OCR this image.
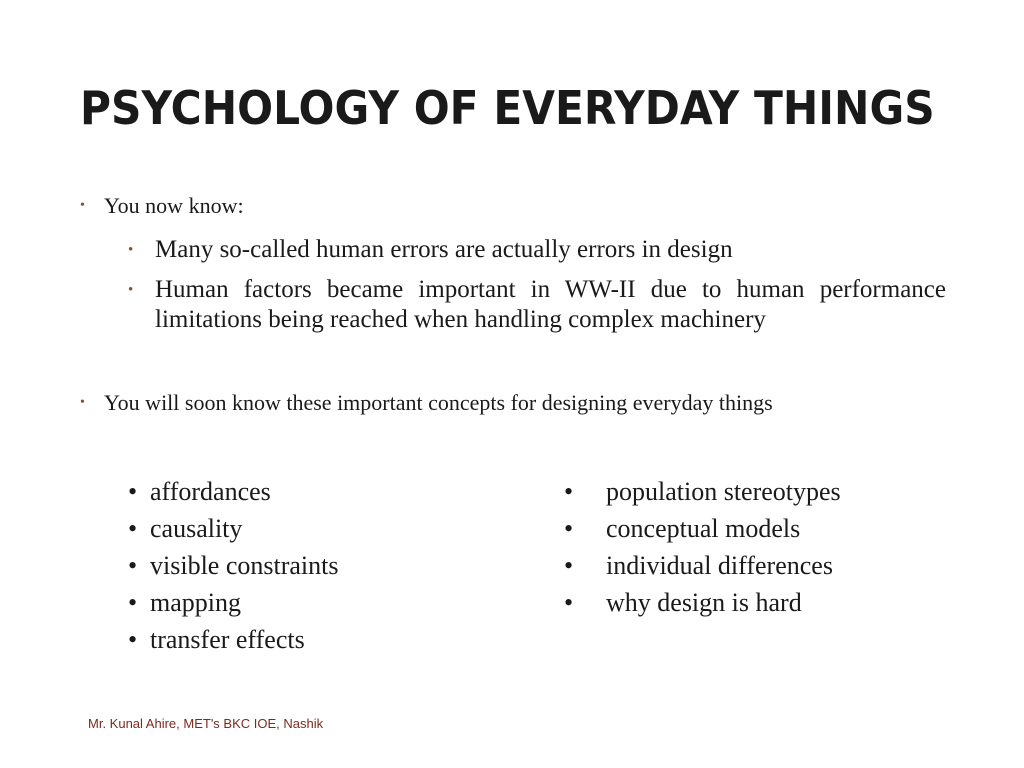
PSYCHOLOGY OF EVERYDAY THINGS
• You now know:
• Many so-called human errors are actually errors in design
• Human factors became important in WW-II due to human performance limitations being reached when handling complex machinery
• You will soon know these important concepts for designing everyday things
• affordances
• causality
• visible constraints
• mapping
• transfer effects
• population stereotypes
• conceptual models
• individual differences
• why design is hard
Mr. Kunal Ahire, MET's BKC IOE, Nashik
